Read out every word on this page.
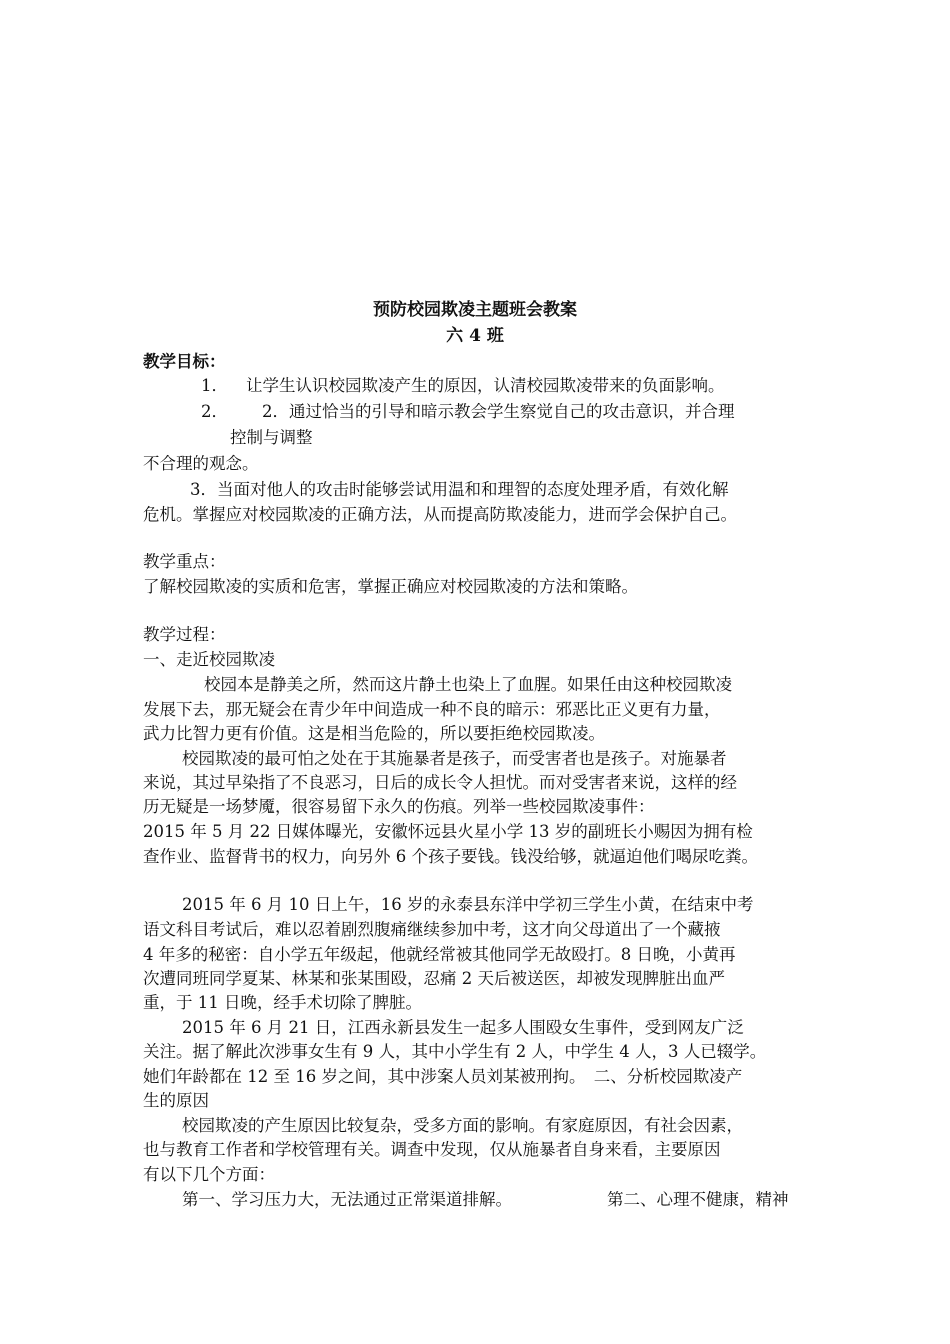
预防校园欺凌主题班会教案
六 4 班
教学目标：
1． 让学生认识校园欺凌产生的原因，认清校园欺凌带来的负面影响。
2． 2．通过恰当的引导和暗示教会学生察觉自己的攻击意识，并合理
控制与调整
不合理的观念。
3．当面对他人的攻击时能够尝试用温和和理智的态度处理矛盾，有效化解
危机。掌握应对校园欺凌的正确方法，从而提高防欺凌能力，进而学会保护自己。
教学重点：
了解校园欺凌的实质和危害，掌握正确应对校园欺凌的方法和策略。
教学过程：
一、走近校园欺凌
校园本是静美之所，然而这片静土也染上了血腥。如果任由这种校园欺凌
发展下去，那无疑会在青少年中间造成一种不良的暗示：邪恶比正义更有力量，
武力比智力更有价值。这是相当危险的，所以要拒绝校园欺凌。
校园欺凌的最可怕之处在于其施暴者是孩子，而受害者也是孩子。对施暴者
来说，其过早染指了不良恶习，日后的成长令人担忧。而对受害者来说，这样的经
历无疑是一场梦魇，很容易留下永久的伤痕。列举一些校园欺凌事件：
2015 年 5 月 22 日媒体曝光，安徽怀远县火星小学 13 岁的副班长小赐因为拥有检
查作业、监督背书的权力，向另外 6 个孩子要钱。钱没给够，就逼迫他们喝尿吃粪。
2015 年 6 月 10 日上午，16 岁的永泰县东洋中学初三学生小黄，在结束中考
语文科目考试后，难以忍着剧烈腹痛继续参加中考，这才向父母道出了一个藏掖
4 年多的秘密：自小学五年级起，他就经常被其他同学无故殴打。8 日晚，小黄再
次遭同班同学夏某、林某和张某围殴，忍痛 2 天后被送医，却被发现脾脏出血严
重，于 11 日晚，经手术切除了脾脏。
2015 年 6 月 21 日，江西永新县发生一起多人围殴女生事件，受到网友广泛
关注。据了解此次涉事女生有 9 人，其中小学生有 2 人，中学生 4 人，3 人已辍学。
她们年龄都在 12 至 16 岁之间，其中涉案人员刘某被刑拘。　二、分析校园欺凌产
生的原因
校园欺凌的产生原因比较复杂，受多方面的影响。有家庭原因，有社会因素，
也与教育工作者和学校管理有关。调查中发现，仅从施暴者自身来看，主要原因
有以下几个方面：
第一、学习压力大，无法通过正常渠道排解。	第二、心理不健康，精神
